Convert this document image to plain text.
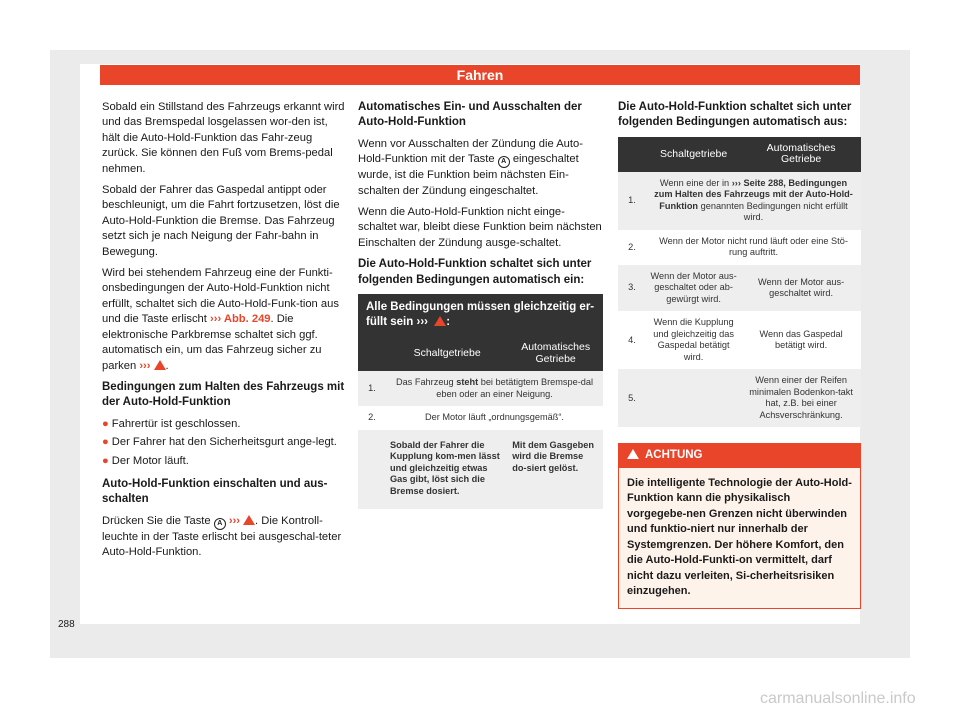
Fahren

Sobald ein Stillstand des Fahrzeugs erkannt wird und das Bremspedal losgelassen wor-den ist, hält die Auto-Hold-Funktion das Fahr-zeug zurück. Sie können den Fuß vom Brems-pedal nehmen.

Sobald der Fahrer das Gaspedal antippt oder beschleunigt, um die Fahrt fortzusetzen, löst die Auto-Hold-Funktion die Bremse. Das Fahrzeug setzt sich je nach Neigung der Fahr-bahn in Bewegung.

Wird bei stehendem Fahrzeug eine der Funkti-onsbedingungen der Auto-Hold-Funktion nicht erfüllt, schaltet sich die Auto-Hold-Funk-tion aus und die Taste erlischt ››› Abb. 249. Die elektronische Parkbremse schaltet sich ggf. automatisch ein, um das Fahrzeug sicher zu parken ››› .

Bedingungen zum Halten des Fahrzeugs mit der Auto-Hold-Funktion
● Fahrertür ist geschlossen.
● Der Fahrer hat den Sicherheitsgurt ange-legt.
● Der Motor läuft.
Auto-Hold-Funktion einschalten und aus-schalten

Drücken Sie die Taste A ››› . Die Kontroll-leuchte in der Taste erlischt bei ausgeschal-teter Auto-Hold-Funktion.

Automatisches Ein- und Ausschalten der Auto-Hold-Funktion

Wenn vor Ausschalten der Zündung die Auto-Hold-Funktion mit der Taste A eingeschaltet wurde, ist die Funktion beim nächsten Ein-schalten der Zündung eingeschaltet.

Wenn die Auto-Hold-Funktion nicht einge-schaltet war, bleibt diese Funktion beim nächsten Einschalten der Zündung ausge-schaltet.

Die Auto-Hold-Funktion schaltet sich unter folgenden Bedingungen automatisch ein:
Alle Bedingungen müssen gleichzeitig er-füllt sein ››› :
	Schaltgetriebe	Automatisches Getriebe
1.	Das Fahrzeug steht bei betätigtem Bremspe-dal eben oder an einer Neigung.	
2.	Der Motor läuft „ordnungsgemäß“.	
	Sobald der Fahrer die Kupplung kom-men lässt und gleichzeitig etwas Gas gibt, löst sich die Bremse dosiert.	Mit dem Gasgeben wird die Bremse do-siert gelöst.
Die Auto-Hold-Funktion schaltet sich unter folgenden Bedingungen automatisch aus:
	Schaltgetriebe	Automatisches Getriebe
1.	Wenn eine der in ››› Seite 288, Bedingungen zum Halten des Fahrzeugs mit der Auto-Hold-Funktion genannten Bedingungen nicht erfüllt wird.	
2.	Wenn der Motor nicht rund läuft oder eine Stö-rung auftritt.	
3.	Wenn der Motor aus-geschaltet oder ab-gewürgt wird.	Wenn der Motor aus-geschaltet wird.
4.	Wenn die Kupplung und gleichzeitig das Gaspedal betätigt wird.	Wenn das Gaspedal betätigt wird.
5.		Wenn einer der Reifen minimalen Bodenkon-takt hat, z.B. bei einer Achsverschränkung.
ACHTUNG
Die intelligente Technologie der Auto-Hold-Funktion kann die physikalisch vorgegebe-nen Grenzen nicht überwinden und funktio-niert nur innerhalb der Systemgrenzen. Der höhere Komfort, den die Auto-Hold-Funkti-on vermittelt, darf nicht dazu verleiten, Si-cherheitsrisiken einzugehen.
288
carmanualsonline.info
